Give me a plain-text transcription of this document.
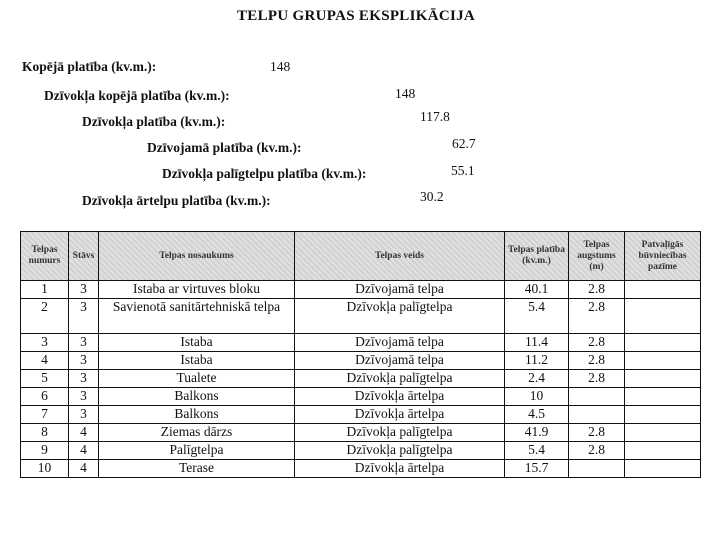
TELPU GRUPAS EKSPLIKĀCIJA
Kopējā platība (kv.m.):	148
Dzīvokļa kopējā platība (kv.m.):	148
Dzīvokļa platība (kv.m.):	117.8
Dzīvojamā platība (kv.m.):	62.7
Dzīvokļa palīgtelpu platība (kv.m.):	55.1
Dzīvokļa ārtelpu platība (kv.m.):	30.2
Telpas numurs	Stāvs	Telpas nosaukums	Telpas veids	Telpas platība (kv.m.)	Telpas augstums (m)	Patvaļīgās būvniecības pazīme
1	3	Istaba ar virtuves bloku	Dzīvojamā telpa	40.1	2.8	
2	3	Savienotā sanitārtehniskā telpa	Dzīvokļa palīgtelpa	5.4	2.8	
3	3	Istaba	Dzīvojamā telpa	11.4	2.8	
4	3	Istaba	Dzīvojamā telpa	11.2	2.8	
5	3	Tualete	Dzīvokļa palīgtelpa	2.4	2.8	
6	3	Balkons	Dzīvokļa ārtelpa	10		
7	3	Balkons	Dzīvokļa ārtelpa	4.5		
8	4	Ziemas dārzs	Dzīvokļa palīgtelpa	41.9	2.8	
9	4	Palīgtelpa	Dzīvokļa palīgtelpa	5.4	2.8	
10	4	Terase	Dzīvokļa ārtelpa	15.7		
